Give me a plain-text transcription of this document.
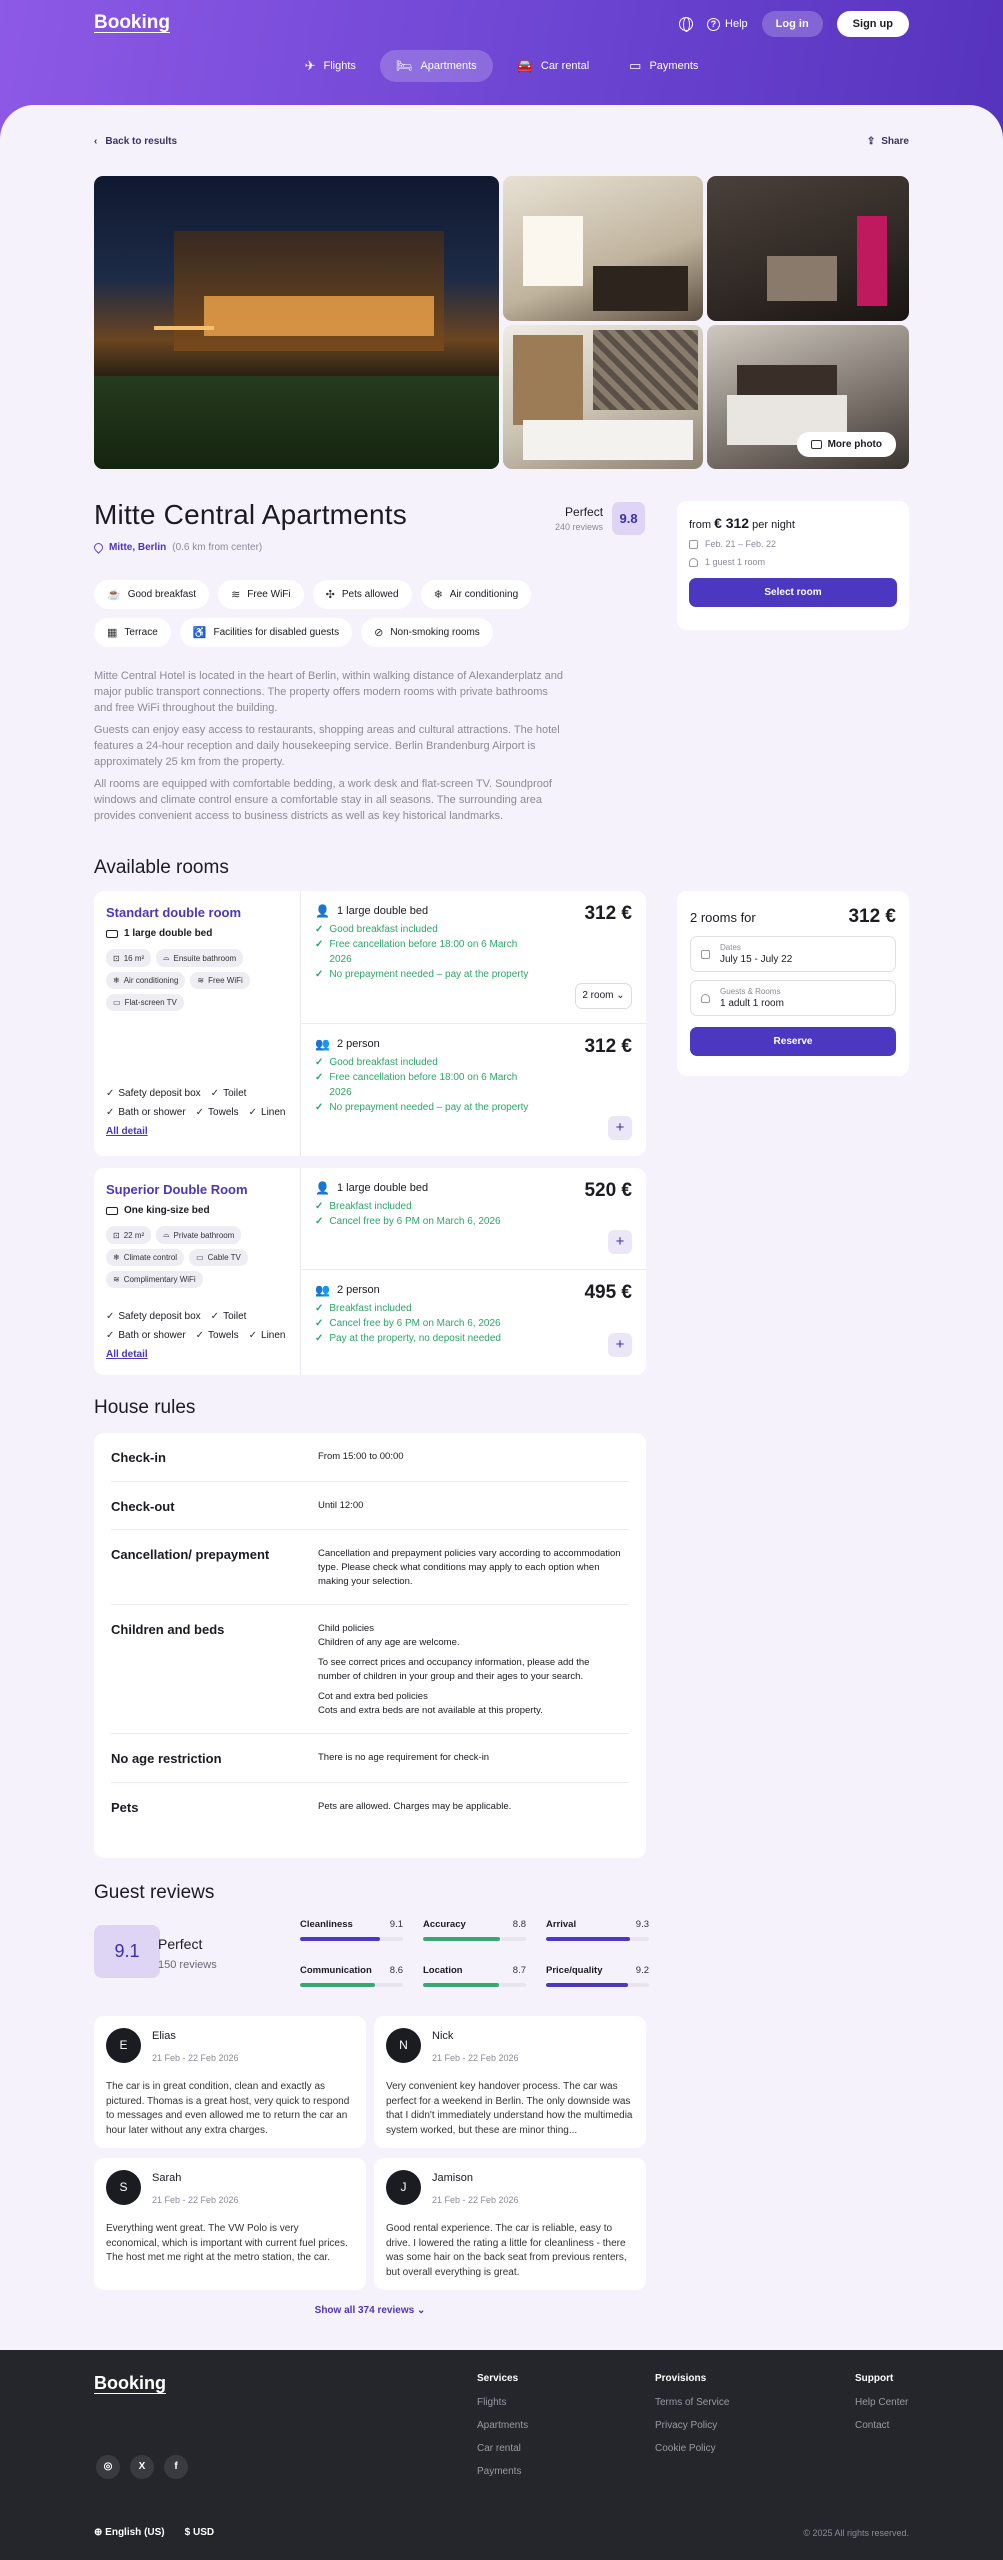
Booking	? Help	Log in	Sign up
✈ Flights	🛏 Apartments	🚘 Car rental	▭ Payments
‹ Back to results	⇪ Share
More photo
Mitte Central Apartments
Mitte, Berlin (0.6 km from center)
Perfect
240 reviews
9.8
☕ Good breakfast	≋ Free WiFi	✣ Pets allowed	❄ Air conditioning
▦ Terrace	♿ Facilities for disabled guests	⊘ Non-smoking rooms

Mitte Central Hotel is located in the heart of Berlin, within walking distance of Alexanderplatz and major public transport connections. The property offers modern rooms with private bathrooms and free WiFi throughout the building.

Guests can enjoy easy access to restaurants, shopping areas and cultural attractions. The hotel features a 24-hour reception and daily housekeeping service. Berlin Brandenburg Airport is approximately 25 km from the property.

All rooms are equipped with comfortable bedding, a work desk and flat-screen TV. Soundproof windows and climate control ensure a comfortable stay in all seasons. The surrounding area provides convenient access to business districts as well as key historical landmarks.

from € 312 per night
Feb. 21 – Feb. 22
1 guest 1 room
Select room
Available rooms
Standart double room
1 large double bed
⊡ 16 m² ⌓ Ensuite bathroom
❄ Air conditioning ≋ Free WiFi
▭ Flat-screen TV
✓ Safety deposit box ✓ Toilet
✓ Bath or shower ✓ Towels ✓ Linen
All detail
👤 1 large double bed	312 €
✓ Good breakfast included
✓ Free cancellation before 18:00 on 6 March 2026
✓ No prepayment needed – pay at the property
2 room ⌄
👥 2 person	312 €
✓ Good breakfast included
✓ Free cancellation before 18:00 on 6 March 2026
✓ No prepayment needed – pay at the property
+
Superior Double Room
One king-size bed
⊡ 22 m² ⌓ Private bathroom
❄ Climate control ▭ Cable TV
≋ Complimentary WiFi
✓ Safety deposit box ✓ Toilet
✓ Bath or shower ✓ Towels ✓ Linen
All detail
👤 1 large double bed	520 €
✓ Breakfast included
✓ Cancel free by 6 PM on March 6, 2026
+
👥 2 person	495 €
✓ Breakfast included
✓ Cancel free by 6 PM on March 6, 2026
✓ Pay at the property, no deposit needed	+
2 rooms for	312 €
Dates
July 15 - July 22
Guests & Rooms
1 adult 1 room
Reserve
House rules
Check-in	From 15:00 to 00:00
Check-out	Until 12:00
Cancellation/ prepayment	Cancellation and prepayment policies vary according to accommodation type. Please check what conditions may apply to each option when making your selection.
Children and beds	Child policies
Children of any age are welcome.
To see correct prices and occupancy information, please add the number of children in your group and their ages to your search.
Cot and extra bed policies
Cots and extra beds are not available at this property.
No age restriction	There is no age requirement for check-in
Pets	Pets are allowed. Charges may be applicable.
Guest reviews
9.1	Perfect
150 reviews
Cleanliness	9.1 Accuracy	8.8 Arrival	9.3
Communication 8.6 Location	8.7 Price/quality	9.2
E
Elias
21 Feb - 22 Feb 2026
The car is in great condition, clean and exactly as pictured. Thomas is a great host, very quick to respond to messages and even allowed me to return the car an hour later without any extra charges.
N
Nick
21 Feb - 22 Feb 2026
Very convenient key handover process. The car was perfect for a weekend in Berlin. The only downside was that I didn't immediately understand how the multimedia system worked, but these are minor thing...
S
Sarah
21 Feb - 22 Feb 2026
Everything went great. The VW Polo is very economical, which is important with current fuel prices. The host met me right at the metro station, the car.
J
Jamison
21 Feb - 22 Feb 2026
Good rental experience. The car is reliable, easy to drive. I lowered the rating a little for cleanliness - there was some hair on the back seat from previous renters, but overall everything is great.
Show all 374 reviews ⌄
Booking	Services
Flights
Apartments
Car rental
Payments
Provisions
Terms of Service
Privacy Policy
Cookie Policy
Support
Help Center
Contact
◎	X	f
⊕ English (US) $ USD	© 2025 All rights reserved.
